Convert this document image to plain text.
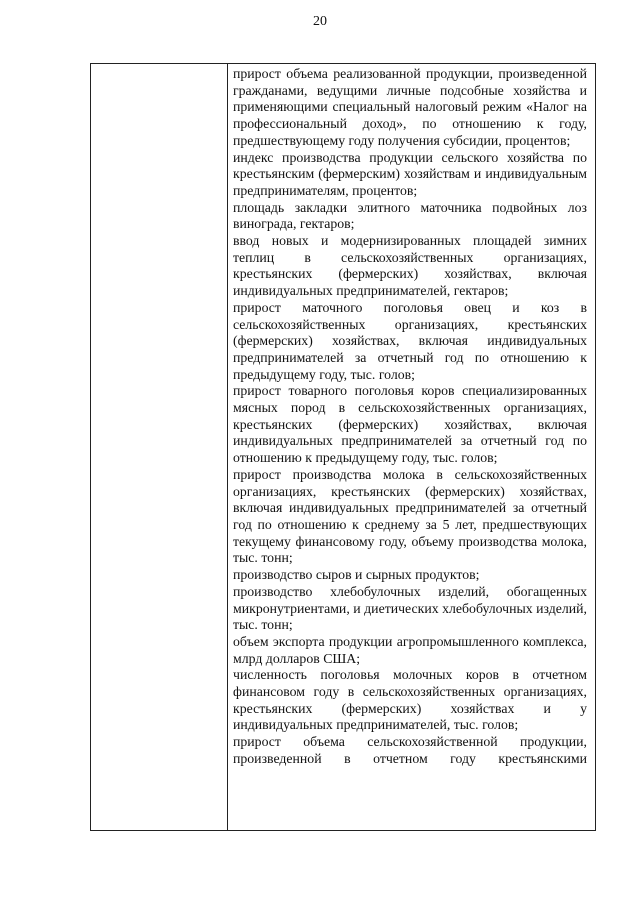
20

прирост объема реализованной продукции, произведенной гражданами, ведущими личные подсобные хозяйства и применяющими специальный налоговый режим «Налог на профессиональный доход», по отношению к году, предшествующему году получения субсидии, процентов;

индекс производства продукции сельского хозяйства по крестьянским (фермерским) хозяйствам и индивидуальным предпринимателям, процентов;

площадь закладки элитного маточника подвойных лоз винограда, гектаров;

ввод новых и модернизированных площадей зимних теплиц в сельскохозяйственных организациях, крестьянских (фермерских) хозяйствах, включая индивидуальных предпринимателей, гектаров;

прирост маточного поголовья овец и коз в сельскохозяйственных организациях, крестьянских (фермерских) хозяйствах, включая индивидуальных предпринимателей за отчетный год по отношению к предыдущему году, тыс. голов;

прирост товарного поголовья коров специализированных мясных пород в сельскохозяйственных организациях, крестьянских (фермерских) хозяйствах, включая индивидуальных предпринимателей за отчетный год по отношению к предыдущему году, тыс. голов;

прирост производства молока в сельскохозяйственных организациях, крестьянских (фермерских) хозяйствах, включая индивидуальных предпринимателей за отчетный год по отношению к среднему за 5 лет, предшествующих текущему финансовому году, объему производства молока, тыс. тонн;

производство сыров и сырных продуктов;

производство хлебобулочных изделий, обогащенных микронутриентами, и диетических хлебобулочных изделий, тыс. тонн;

объем экспорта продукции агропромышленного комплекса, млрд долларов США;

численность поголовья молочных коров в отчетном финансовом году в сельскохозяйственных организациях, крестьянских (фермерских) хозяйствах и у индивидуальных предпринимателей, тыс. голов;

прирост объема сельскохозяйственной продукции, произведенной в отчетном году крестьянскими
